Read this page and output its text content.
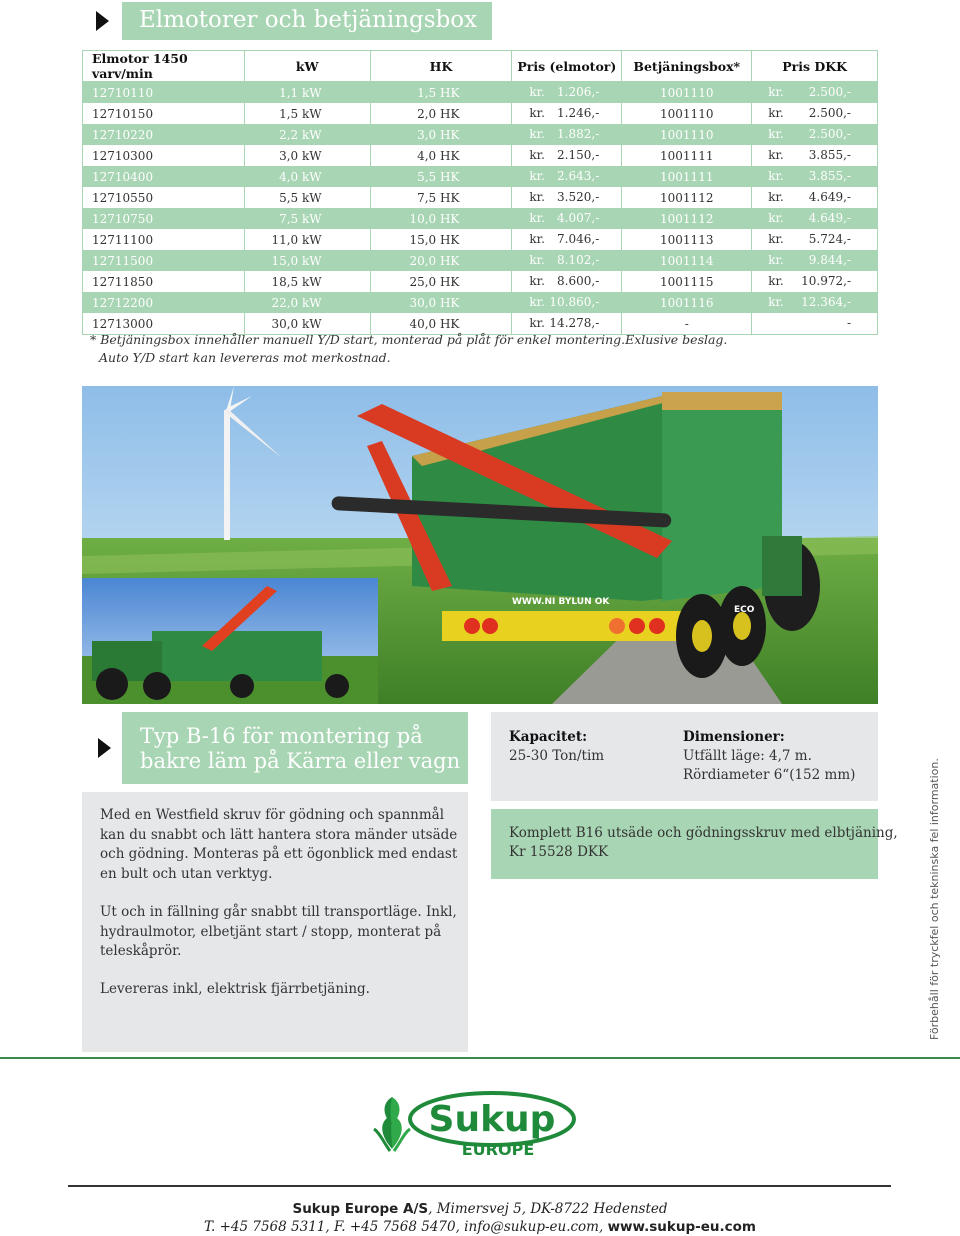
Elmotorer och betjäningsbox
Elmotor 1450 varv/min	kW	HK	Pris (elmotor)	Betjäningsbox*	Pris DKK
12710110	1,1 kW	1,5 HK	kr. 1.206,-	1001110	kr. 2.500,-

12710150	1,5 kW	2,0 HK	kr. 1.246,-	1001110	kr. 2.500,-

12710220	2,2 kW	3,0 HK	kr. 1.882,-	1001110	kr. 2.500,-

12710300	3,0 kW	4,0 HK	kr. 2.150,-	1001111	kr. 3.855,-

12710400	4,0 kW	5,5 HK	kr. 2.643,-	1001111	kr. 3.855,-

12710550	5,5 kW	7,5 HK	kr. 3.520,-	1001112	kr. 4.649,-

12710750	7,5 kW	10,0 HK	kr. 4.007,-	1001112	kr. 4.649,-

12711100	11,0 kW	15,0 HK	kr. 7.046,-	1001113	kr. 5.724,-

12711500	15,0 kW	20,0 HK	kr. 8.102,-	1001114	kr. 9.844,-

12711850	18,5 kW	25,0 HK	kr. 8.600,-	1001115	kr. 10.972,-

12712200	22,0 kW	30,0 HK	kr. 10.860,-	1001116	kr. 12.364,-

12713000	30,0 kW	40,0 HK	kr. 14.278,-	-	-
* Betjäningsbox innehåller manuell Y/D start, monterad på plåt för enkel montering.Exlusive beslag.
Auto Y/D start kan levereras mot merkostnad.
WWW.NI BYLUN OK
ECO
Typ B-16 för montering på
bakre läm på Kärra eller vagn

Med en Westfield skruv för gödning och spannmål kan du snabbt och lätt hantera stora mänder utsäde och gödning. Monteras på ett ögonblick med endast en bult och utan verktyg.

Ut och in fällning går snabbt till transportläge. Inkl, hydraulmotor, elbetjänt start / stopp, monterat på teleskåprör.

Levereras inkl, elektrisk fjärrbetjäning.

Kapacitet:
25-30 Ton/tim
Dimensioner:
Utfällt läge: 4,7 m.
Rördiameter 6“(152 mm)
Komplett B16 utsäde och gödningsskruv med elbtjäning,
Kr 15528 DKK	Förbehåll för tryckfel och tekninska fel information.
Sukup
EUROPE
Sukup Europe A/S, Mimersvej 5, DK-8722 Hedensted
T. +45 7568 5311, F. +45 7568 5470, info@sukup-eu.com, www.sukup-eu.com
